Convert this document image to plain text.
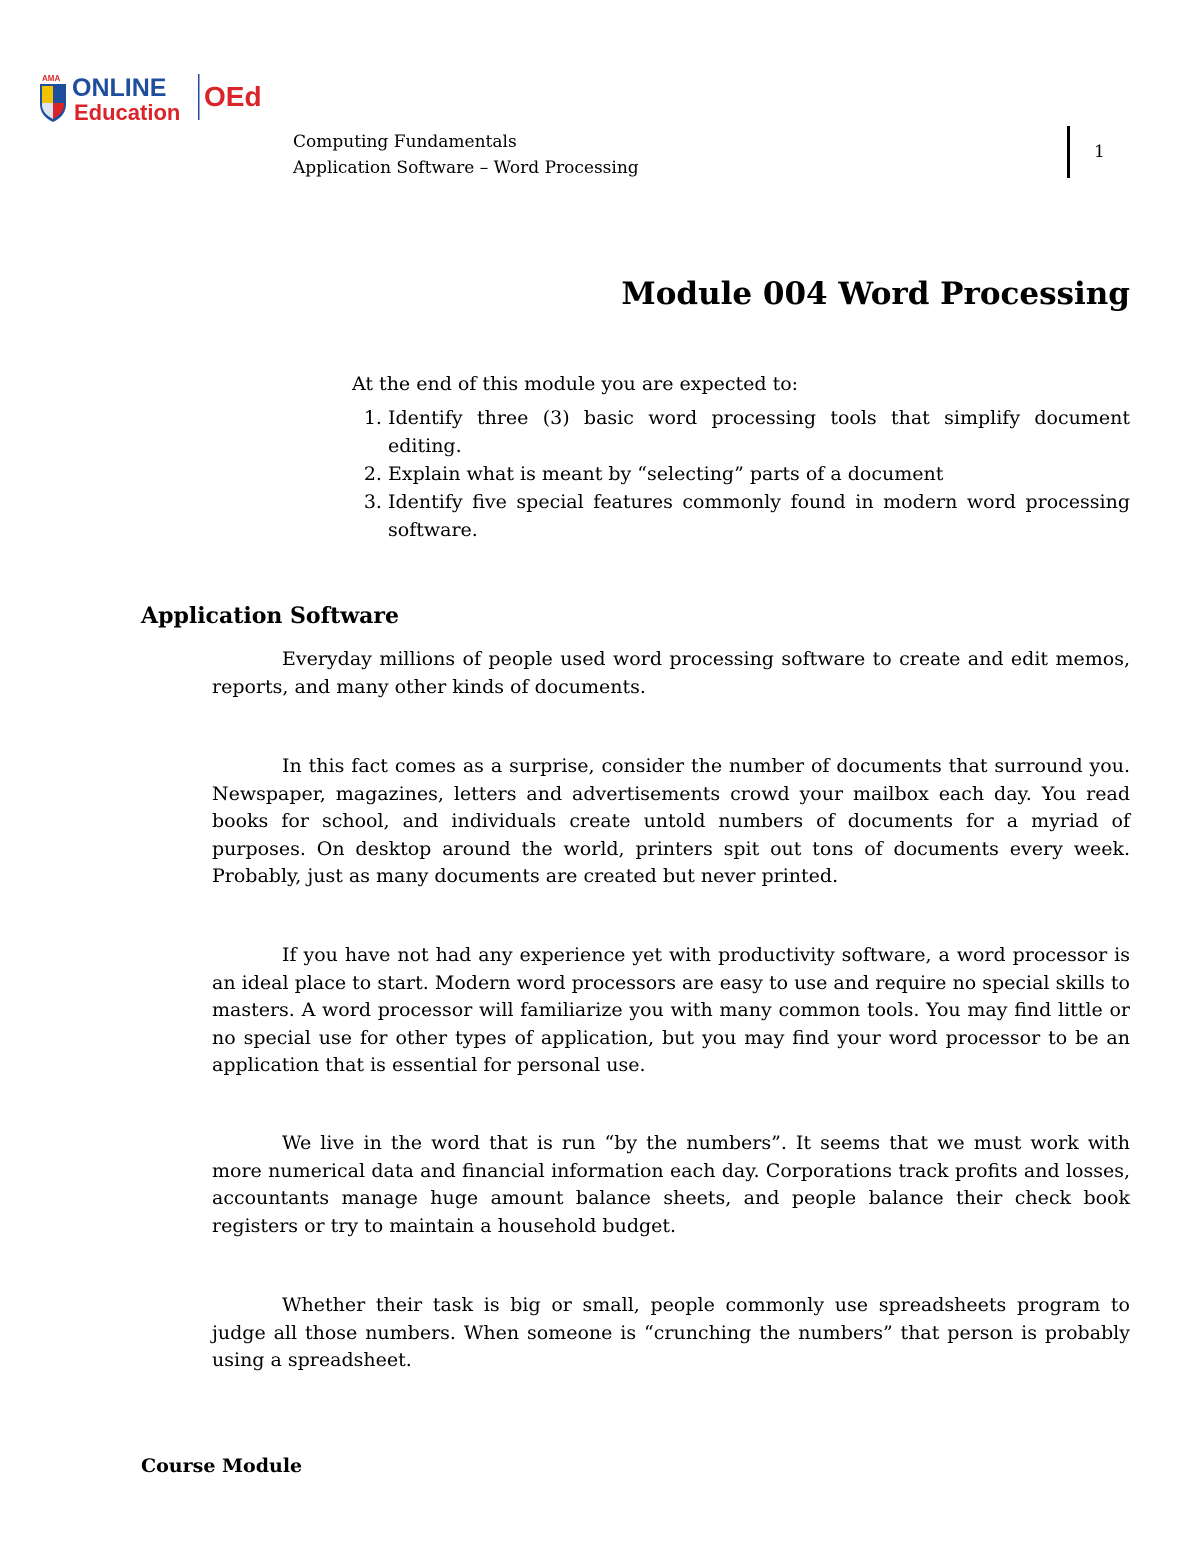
AMA ONLINE
Education
OEd
Computing Fundamentals
Application Software – Word Processing
1
Module 004 Word Processing
At the end of this module you are expected to:
1. Identify three (3) basic word processing tools that simplify document editing.
2. Explain what is meant by “selecting” parts of a document
3. Identify five special features commonly found in modern word processing software.
Application Software

Everyday millions of people used word processing software to create and edit memos, reports, and many other kinds of documents.

In this fact comes as a surprise, consider the number of documents that surround you. Newspaper, magazines, letters and advertisements crowd your mailbox each day. You read books for school, and individuals create untold numbers of documents for a myriad of purposes. On desktop around the world, printers spit out tons of documents every week. Probably, just as many documents are created but never printed.

If you have not had any experience yet with productivity software, a word processor is an ideal place to start. Modern word processors are easy to use and require no special skills to masters. A word processor will familiarize you with many common tools. You may find little or no special use for other types of application, but you may find your word processor to be an application that is essential for personal use.

We live in the word that is run “by the numbers”. It seems that we must work with more numerical data and financial information each day. Corporations track profits and losses, accountants manage huge amount balance sheets, and people balance their check book registers or try to maintain a household budget.

Whether their task is big or small, people commonly use spreadsheets program to judge all those numbers. When someone is “crunching the numbers” that person is probably using a spreadsheet.

Course Module
